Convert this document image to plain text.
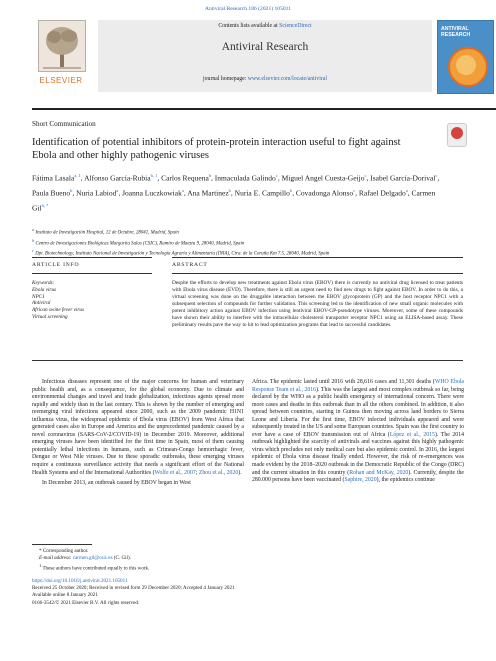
Antiviral Research 186 (2021) 105011
ELSEVIER
Contents lists available at ScienceDirect
Antiviral Research
journal homepage: www.elsevier.com/locate/antiviral
ANTIVIRAL RESEARCH
Short Communication
Identification of potential inhibitors of protein-protein interaction useful to fight against Ebola and other highly pathogenic viruses
Fátima Lasala$^{a, 1}$, Alfonso García-Rubia$^{b, 1}$, Carlos Requena$^b$, Inmaculada Galindo$^c$, Miguel Angel Cuesta-Geijo$^c$, Isabel García-Dorival$^c$, Paula Bueno$^b$, Nuria Labiod$^a$, Joanna Luczkowiak$^a$, Ana Martinez$^b$, Nuria E. Campillo$^b$, Covadonga Alonso$^c$, Rafael Delgado$^a$, Carmen Gil$^{b, *}$
a Instituto de Investigación Hospital, 12 de Octubre, 28041, Madrid, Spain
b Centro de Investigaciones Biológicas Margarita Salas (CSIC), Ramiro de Maeztu 9, 28040, Madrid, Spain
c Dpt. Biotechnology, Instituto Nacional de Investigación y Tecnología Agraria y Alimentaria (INIA), Ctra. de la Coruña Km 7.5, 28040, Madrid, Spain
ARTICLE INFO	ABSTRACT
Keywords:
Ebola virus
NPC1
Antiviral
African swine fever virus
Virtual screening
Despite the efforts to develop new treatments against Ebola virus (EBOV) there is currently no antiviral drug licensed to treat patients with Ebola virus disease (EVD). Therefore, there is still an urgent need to find new drugs to fight against EBOV. In order to do this, a virtual screening was done on the druggable interaction between the EBOV glycoprotein (GP) and the host receptor NPC1 with a subsequent selection of compounds for further validation. This screening led to the identification of new small organic molecules with potent inhibitory action against EBOV infection using lentiviral EBOV-GP-pseudotype viruses. Moreover, some of these compounds have shown their ability to interfere with the intracellular cholesterol transporter receptor NPC1 using an ELISA-based assay. These preliminary results pave the way to hit to lead optimization programs that lead to successful candidates.

Infectious diseases represent one of the major concerns for human and veterinary public health and, as a consequence, for the global economy. Due to climate and environmental changes and travel and trade globalization, infectious agents spread more rapidly and widely than in the last century. This is shown by the number of emerging and reemerging viral infections appeared since 2000, such as the 2009 pandemic H1N1 influenza virus, the widespread epidemic of Ebola virus (EBOV) from West Africa that generated cases also in Europe and America and the unprecedented pandemic caused by a novel coronavirus (SARS-CoV-2/COVID-19) in December 2019. Moreover, additional emerging viruses have been identified for the first time in Spain, most of them causing potentially lethal infections in humans, such as Crimean-Congo hemorrhagic fever, Dengue or West Nile viruses. Due to these sporadic outbreaks, these emerging viruses require a continuous surveillance activity that needs a significant effort of the National Health Systems and of the International Authorities (Wolfe et al., 2007; Zhou et al., 2020).

In December 2013, an outbreak caused by EBOV began in West

Africa. The epidemic lasted until 2016 with 28,616 cases and 11,301 deaths (WHO Ebola Response Team et al., 2016). This was the largest and most complex outbreak so far, being declared by the WHO as a public health emergency of international concern. There were more cases and deaths in this outbreak than in all the others combined. In addition, it also spread between countries, starting in Guinea then moving across land borders to Sierra Leone and Liberia. For the first time, EBOV infected individuals appeared and were subsequently treated in the US and some European countries. Spain was the first country to ever have a case of EBOV transmission out of Africa (López et al., 2015). The 2014 outbreak highlighted the scarcity of antivirals and vaccines against this highly pathogenic virus which precludes not only medical care but also epidemic control. In 2016, the largest epidemic of Ebola virus disease finally ended. However, the risk of re-emergences was made evident by the 2018–2020 outbreak in the Democratic Republic of the Congo (DRC) and the current situation in this country (Rohan and McKay, 2020). Currently, despite the 280.000 persons have been vaccinated (Saphire, 2020), the epidemics continue

* Corresponding author.

E-mail address: carmen.gil@csic.es (C. Gil).

1 These authors have contributed equally to this work.

https://doi.org/10.1016/j.antiviral.2021.105011
Received 25 October 2020; Received in revised form 29 December 2020; Accepted 4 January 2021
Available online 8 January 2021
0166-3542/© 2021 Elsevier B.V. All rights reserved.
